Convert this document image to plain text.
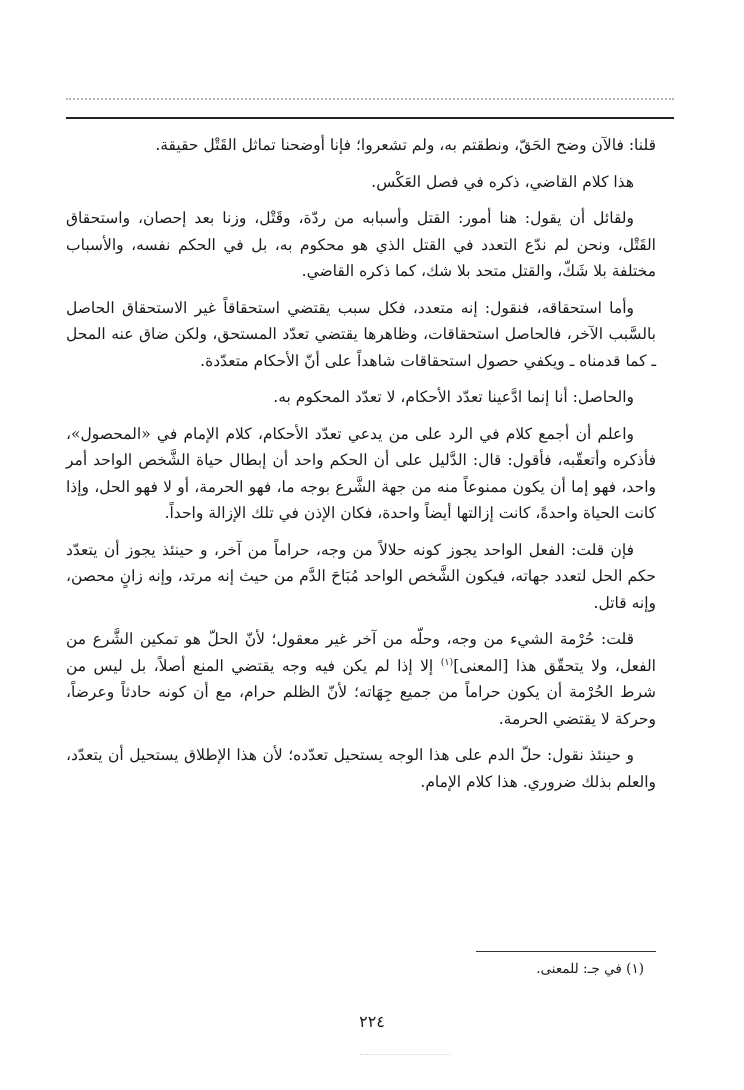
قلنا: فالآن وضح الحَقّ، ونطقتم به، ولم تشعروا؛ فإنا أوضحنا تماثل القَتْل حقيقة.

هذا كلام القاضي، ذكره في فصل العَكْس.

ولقائل أن يقول: هنا أمور: القتل وأسبابه من ردّة، وقَتْل، وزنا بعد إحصان، واستحقاق القَتْل، ونحن لم ندّع التعدد في القتل الذي هو محكوم به، بل في الحكم نفسه، والأسباب مختلفة بلا شَكّ، والقتل متحد بلا شك، كما ذكره القاضي.

وأما استحقاقه، فنقول: إنه متعدد، فكل سبب يقتضي استحقاقاً غير الاستحقاق الحاصل بالسَّبب الآخر، فالحاصل استحقاقات، وظاهرها يقتضي تعدّد المستحق، ولكن ضاق عنه المحل ـ كما قدمناه ـ ويكفي حصول استحقاقات شاهداً على أنّ الأحكام متعدّدة.

والحاصل: أنا إنما ادَّعينا تعدّد الأحكام، لا تعدّد المحكوم به.

واعلم أن أجمع كلام في الرد على من يدعي تعدّد الأحكام، كلام الإمام في «المحصول»، فأذكره وأتعقّبه، فأقول: قال: الدَّليل على أن الحكم واحد أن إبطال حياة الشَّخص الواحد أمر واحد، فهو إما أن يكون ممنوعاً منه من جهة الشَّرع بوجه ما، فهو الحرمة، أو لا فهو الحل، وإذا كانت الحياة واحدةً، كانت إزالتها أيضاً واحدة، فكان الإذن في تلك الإزالة واحداً.

فإن قلت: الفعل الواحد يجوز كونه حلالاً من وجه، حراماً من آخر، و حينئذ يجوز أن يتعدّد حكم الحل لتعدد جهاته، فيكون الشَّخص الواحد مُبَاحَ الدَّم من حيث إنه مرتد، وإنه زانٍ محصن، وإنه قاتل.

قلت: حُرْمة الشيء من وجه، وحلّه من آخر غير معقول؛ لأنّ الحلّ هو تمكين الشَّرع من الفعل، ولا يتحقّق هذا [المعنى]$^{(١)}$ إلا إذا لم يكن فيه وجه يقتضي المنع أصلاً، بل ليس من شرط الحُرْمة أن يكون حراماً من جميع جِهَاته؛ لأنّ الظلم حرام، مع أن كونه حادثاً وعرضاً، وحركة لا يقتضي الحرمة.

و حينئذ نقول: حلّ الدم على هذا الوجه يستحيل تعدّده؛ لأن هذا الإطلاق يستحيل أن يتعدّد، والعلم بذلك ضروري. هذا كلام الإمام.

(١) في جـ: للمعنى.
٢٢٤
